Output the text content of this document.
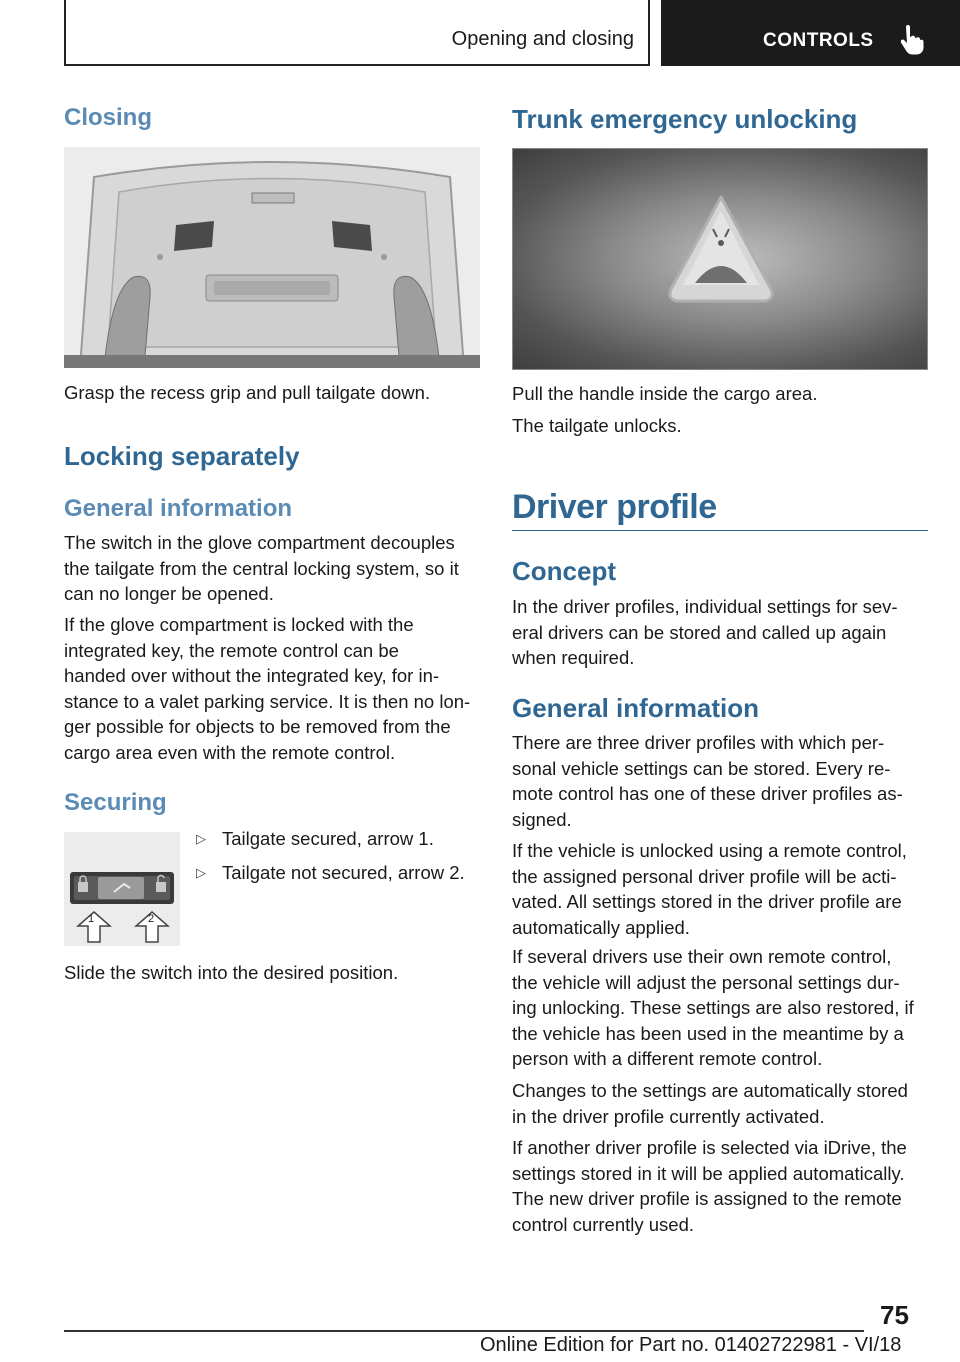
Opening and closing	CONTROLS
Closing
Grasp the recess grip and pull tailgate down.
Locking separately
General information
The switch in the glove compartment decouples
the tailgate from the central locking system, so it
can no longer be opened.
If the glove compartment is locked with the
integrated key, the remote control can be
handed over without the integrated key, for in‐
stance to a valet parking service. It is then no lon‐
ger possible for objects to be removed from the
cargo area even with the remote control.
Securing
1	2
▷ Tailgate secured, arrow 1.
▷ Tailgate not secured, arrow 2.
Slide the switch into the desired position.
Trunk emergency unlocking
Pull the handle inside the cargo area.
The tailgate unlocks.
Driver profile
Concept
In the driver profiles, individual settings for sev‐
eral drivers can be stored and called up again
when required.
General information
There are three driver profiles with which per‐
sonal vehicle settings can be stored. Every re‐
mote control has one of these driver profiles as‐
signed.
If the vehicle is unlocked using a remote control,
the assigned personal driver profile will be acti‐
vated. All settings stored in the driver profile are
automatically applied.
If several drivers use their own remote control,
the vehicle will adjust the personal settings dur‐
ing unlocking. These settings are also restored, if
the vehicle has been used in the meantime by a
person with a different remote control.
Changes to the settings are automatically stored
in the driver profile currently activated.
If another driver profile is selected via iDrive, the
settings stored in it will be applied automatically.
The new driver profile is assigned to the remote
control currently used.
75
Online Edition for Part no. 01402722981 - VI/18
